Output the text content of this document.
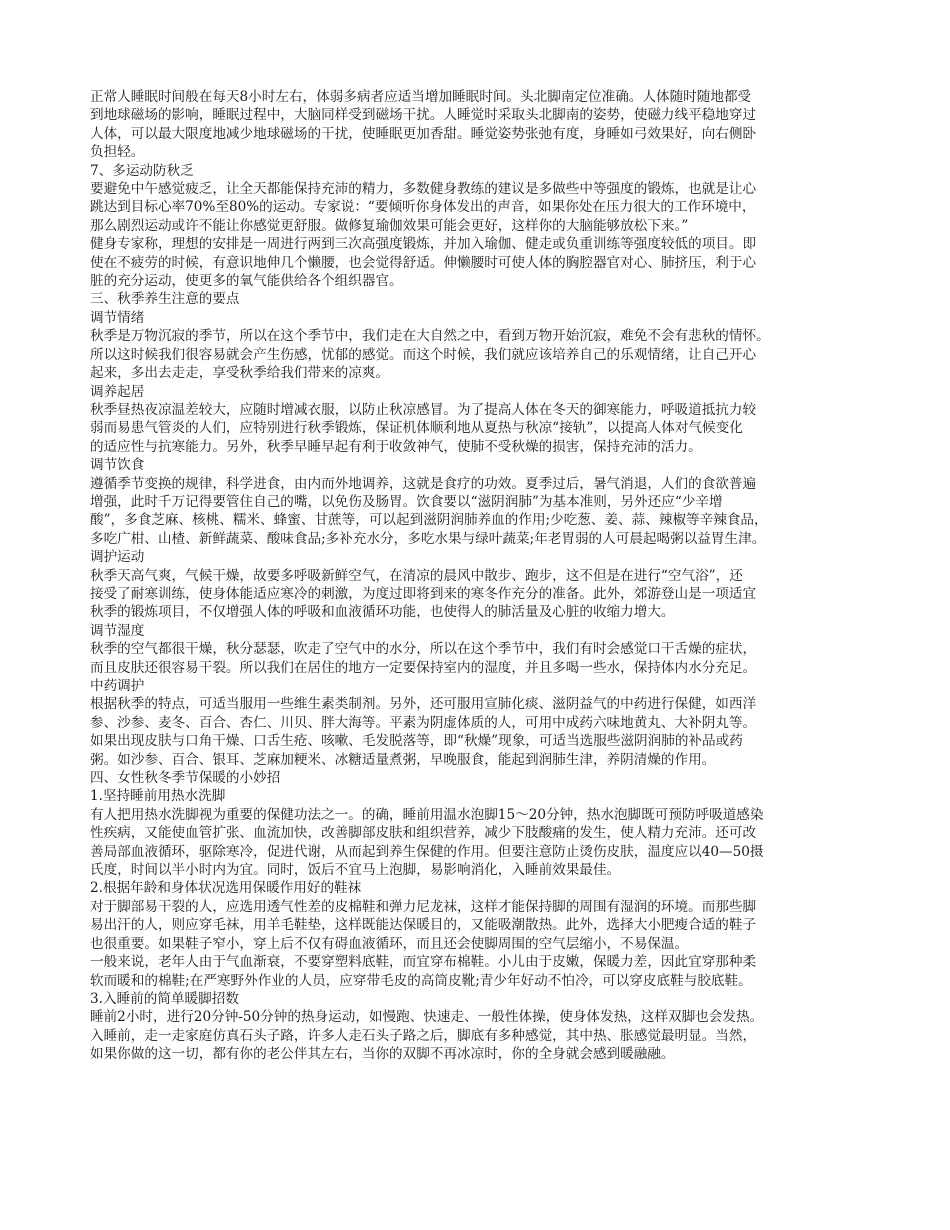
正常人睡眠时间般在每天8小时左右，体弱多病者应适当增加睡眠时间。头北脚南定位准确。人体随时随地都受

到地球磁场的影响，睡眠过程中，大脑同样受到磁场干扰。人睡觉时采取头北脚南的姿势，使磁力线平稳地穿过

人体，可以最大限度地减少地球磁场的干扰，使睡眠更加香甜。睡觉姿势张弛有度，身睡如弓效果好，向右侧卧

负担轻。

7、多运动防秋乏

要避免中午感觉疲乏，让全天都能保持充沛的精力，多数健身教练的建议是多做些中等强度的锻炼，也就是让心

跳达到目标心率70%至80%的运动。专家说：“要倾听你身体发出的声音，如果你处在压力很大的工作环境中，

那么剧烈运动或许不能让你感觉更舒服。做修复瑜伽效果可能会更好，这样你的大脑能够放松下来。”

健身专家称，理想的安排是一周进行两到三次高强度锻炼，并加入瑜伽、健走或负重训练等强度较低的项目。即

使在不疲劳的时候，有意识地伸几个懒腰，也会觉得舒适。伸懒腰时可使人体的胸腔器官对心、肺挤压，利于心

脏的充分运动，使更多的氧气能供给各个组织器官。

三、秋季养生注意的要点

调节情绪

秋季是万物沉寂的季节，所以在这个季节中，我们走在大自然之中，看到万物开始沉寂，难免不会有悲秋的情怀。

所以这时候我们很容易就会产生伤感，忧郁的感觉。而这个时候，我们就应该培养自己的乐观情绪，让自己开心

起来，多出去走走，享受秋季给我们带来的凉爽。

调养起居

秋季昼热夜凉温差较大，应随时增减衣服，以防止秋凉感冒。为了提高人体在冬天的御寒能力，呼吸道抵抗力较

弱而易患气管炎的人们，应特别进行秋季锻炼，保证机体顺利地从夏热与秋凉“接轨”，以提高人体对气候变化

的适应性与抗寒能力。另外，秋季早睡早起有利于收敛神气，使肺不受秋燥的损害，保持充沛的活力。

调节饮食

遵循季节变换的规律，科学进食，由内而外地调养，这就是食疗的功效。夏季过后，暑气消退，人们的食欲普遍

增强，此时千万记得要管住自己的嘴，以免伤及肠胃。饮食要以“滋阴润肺”为基本准则，另外还应“少辛增

酸”，多食芝麻、核桃、糯米、蜂蜜、甘蔗等，可以起到滋阴润肺养血的作用;少吃葱、姜、蒜、辣椒等辛辣食品，

多吃广柑、山楂、新鲜蔬菜、酸味食品;多补充水分，多吃水果与绿叶蔬菜;年老胃弱的人可晨起喝粥以益胃生津。

调护运动

秋季天高气爽，气候干燥，故要多呼吸新鲜空气，在清凉的晨风中散步、跑步，这不但是在进行“空气浴”，还

接受了耐寒训练，使身体能适应寒冷的刺激，为度过即将到来的寒冬作充分的准备。此外，郊游登山是一项适宜

秋季的锻炼项目，不仅增强人体的呼吸和血液循环功能，也使得人的肺活量及心脏的收缩力增大。

调节湿度

秋季的空气都很干燥，秋分瑟瑟，吹走了空气中的水分，所以在这个季节中，我们有时会感觉口干舌燥的症状，

而且皮肤还很容易干裂。所以我们在居住的地方一定要保持室内的湿度，并且多喝一些水，保持体内水分充足。

中药调护

根据秋季的特点，可适当服用一些维生素类制剂。另外，还可服用宣肺化痰、滋阴益气的中药进行保健，如西洋

参、沙参、麦冬、百合、杏仁、川贝、胖大海等。平素为阴虚体质的人，可用中成药六味地黄丸、大补阴丸等。

如果出现皮肤与口角干燥、口舌生疮、咳嗽、毛发脱落等，即“秋燥”现象，可适当选服些滋阴润肺的补品或药

粥。如沙参、百合、银耳、芝麻加粳米、冰糖适量煮粥，早晚服食，能起到润肺生津，养阴清燥的作用。

四、女性秋冬季节保暖的小妙招

1.坚持睡前用热水洗脚

有人把用热水洗脚视为重要的保健功法之一。的确，睡前用温水泡脚15～20分钟，热水泡脚既可预防呼吸道感染

性疾病，又能使血管扩张、血流加快，改善脚部皮肤和组织营养，减少下肢酸痛的发生，使人精力充沛。还可改

善局部血液循环，驱除寒冷，促进代谢，从而起到养生保健的作用。但要注意防止烫伤皮肤，温度应以40—50摄

氏度，时间以半小时内为宜。同时，饭后不宜马上泡脚，易影响消化，入睡前效果最佳。

2.根据年龄和身体状况选用保暖作用好的鞋袜

对于脚部易干裂的人，应选用透气性差的皮棉鞋和弹力尼龙袜，这样才能保持脚的周围有湿润的环境。而那些脚

易出汗的人，则应穿毛袜，用羊毛鞋垫，这样既能达保暖目的，又能吸潮散热。此外，选择大小肥瘦合适的鞋子

也很重要。如果鞋子窄小，穿上后不仅有碍血液循环，而且还会使脚周围的空气层缩小，不易保温。

一般来说，老年人由于气血渐衰，不要穿塑料底鞋，而宜穿布棉鞋。小儿由于皮嫩，保暖力差，因此宜穿那种柔

软而暖和的棉鞋;在严寒野外作业的人员，应穿带毛皮的高筒皮靴;青少年好动不怕冷，可以穿皮底鞋与胶底鞋。

3.入睡前的简单暖脚招数

睡前2小时，进行20分钟-50分钟的热身运动，如慢跑、快速走、一般性体操，使身体发热，这样双脚也会发热。

入睡前，走一走家庭仿真石头子路，许多人走石头子路之后，脚底有多种感觉，其中热、胀感觉最明显。当然，

如果你做的这一切，都有你的老公伴其左右，当你的双脚不再冰凉时，你的全身就会感到暖融融。
